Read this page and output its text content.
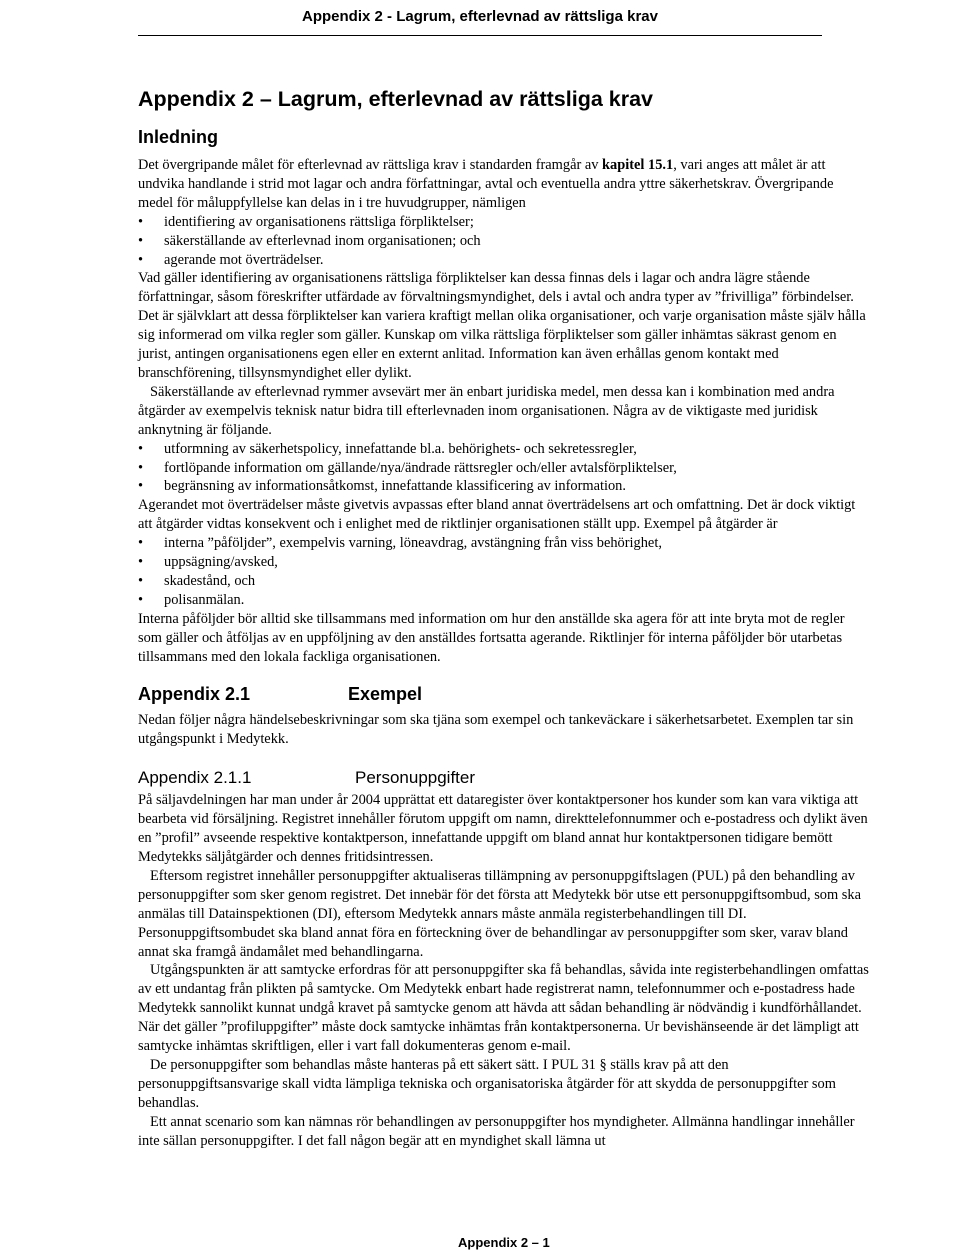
Appendix 2 - Lagrum, efterlevnad av rättsliga krav
Appendix 2 – Lagrum, efterlevnad av rättsliga krav
Inledning

Det övergripande målet för efterlevnad av rättsliga krav i standarden framgår av kapitel 15.1, vari anges att målet är att undvika handlande i strid mot lagar och andra författningar, avtal och eventuella andra yttre säkerhetskrav. Övergripande medel för måluppfyllelse kan delas in i tre huvudgrupper, nämligen

• identifiering av organisationens rättsliga förpliktelser;
• säkerställande av efterlevnad inom organisationen; och
• agerande mot överträdelser.

Vad gäller identifiering av organisationens rättsliga förpliktelser kan dessa finnas dels i lagar och andra lägre stående författningar, såsom föreskrifter utfärdade av förvaltningsmyndighet, dels i avtal och andra typer av ”frivilliga” förbindelser. Det är självklart att dessa förpliktelser kan variera kraftigt mellan olika organisationer, och varje organisation måste själv hålla sig informerad om vilka regler som gäller. Kunskap om vilka rättsliga förpliktelser som gäller inhämtas säkrast genom en jurist, antingen organisationens egen eller en externt anlitad. Information kan även erhållas genom kontakt med branschförening, tillsynsmyndighet eller dylikt.

Säkerställande av efterlevnad rymmer avsevärt mer än enbart juridiska medel, men dessa kan i kombination med andra åtgärder av exempelvis teknisk natur bidra till efterlevnaden inom organisationen. Några av de viktigaste med juridisk anknytning är följande.

• utformning av säkerhetspolicy, innefattande bl.a. behörighets- och sekretessregler,
• fortlöpande information om gällande/nya/ändrade rättsregler och/eller avtalsförpliktelser,
• begränsning av informationsåtkomst, innefattande klassificering av information.

Agerandet mot överträdelser måste givetvis avpassas efter bland annat överträdelsens art och omfattning. Det är dock viktigt att åtgärder vidtas konsekvent och i enlighet med de riktlinjer organisationen ställt upp. Exempel på åtgärder är

• interna ”påföljder”, exempelvis varning, löneavdrag, avstängning från viss behörighet,
• uppsägning/avsked,
• skadestånd, och
• polisanmälan.

Interna påföljder bör alltid ske tillsammans med information om hur den anställde ska agera för att inte bryta mot de regler som gäller och åtföljas av en uppföljning av den anställdes fortsatta agerande. Riktlinjer för interna påföljder bör utarbetas tillsammans med den lokala fackliga organisationen.

Appendix 2.1	Exempel

Nedan följer några händelsebeskrivningar som ska tjäna som exempel och tankeväckare i säkerhetsarbetet. Exemplen tar sin utgångspunkt i Medytekk.

Appendix 2.1.1	Personuppgifter

På säljavdelningen har man under år 2004 upprättat ett dataregister över kontaktpersoner hos kunder som kan vara viktiga att bearbeta vid försäljning. Registret innehåller förutom uppgift om namn, direkttelefonnummer och e-postadress och dylikt även en ”profil” avseende respektive kontaktperson, innefattande uppgift om bland annat hur kontaktpersonen tidigare bemött Medytekks säljåtgärder och dennes fritidsintressen.

Eftersom registret innehåller personuppgifter aktualiseras tillämpning av personuppgiftslagen (PUL) på den behandling av personuppgifter som sker genom registret. Det innebär för det första att Medytekk bör utse ett personuppgiftsombud, som ska anmälas till Datainspektionen (DI), eftersom Medytekk annars måste anmäla registerbehandlingen till DI. Personuppgiftsombudet ska bland annat föra en förteckning över de behandlingar av personuppgifter som sker, varav bland annat ska framgå ändamålet med behandlingarna.

Utgångspunkten är att samtycke erfordras för att personuppgifter ska få behandlas, såvida inte registerbehandlingen omfattas av ett undantag från plikten på samtycke. Om Medytekk enbart hade registrerat namn, telefonnummer och e-postadress hade Medytekk sannolikt kunnat undgå kravet på samtycke genom att hävda att sådan behandling är nödvändig i kundförhållandet. När det gäller ”profiluppgifter” måste dock samtycke inhämtas från kontaktpersonerna. Ur bevishänseende är det lämpligt att samtycke inhämtas skriftligen, eller i vart fall dokumenteras genom e-mail.

De personuppgifter som behandlas måste hanteras på ett säkert sätt. I PUL 31 § ställs krav på att den personuppgiftsansvarige skall vidta lämpliga tekniska och organisatoriska åtgärder för att skydda de personuppgifter som behandlas.

Ett annat scenario som kan nämnas rör behandlingen av personuppgifter hos myndigheter. Allmänna handlingar innehåller inte sällan personuppgifter. I det fall någon begär att en myndighet skall lämna ut

Appendix 2 – 1
